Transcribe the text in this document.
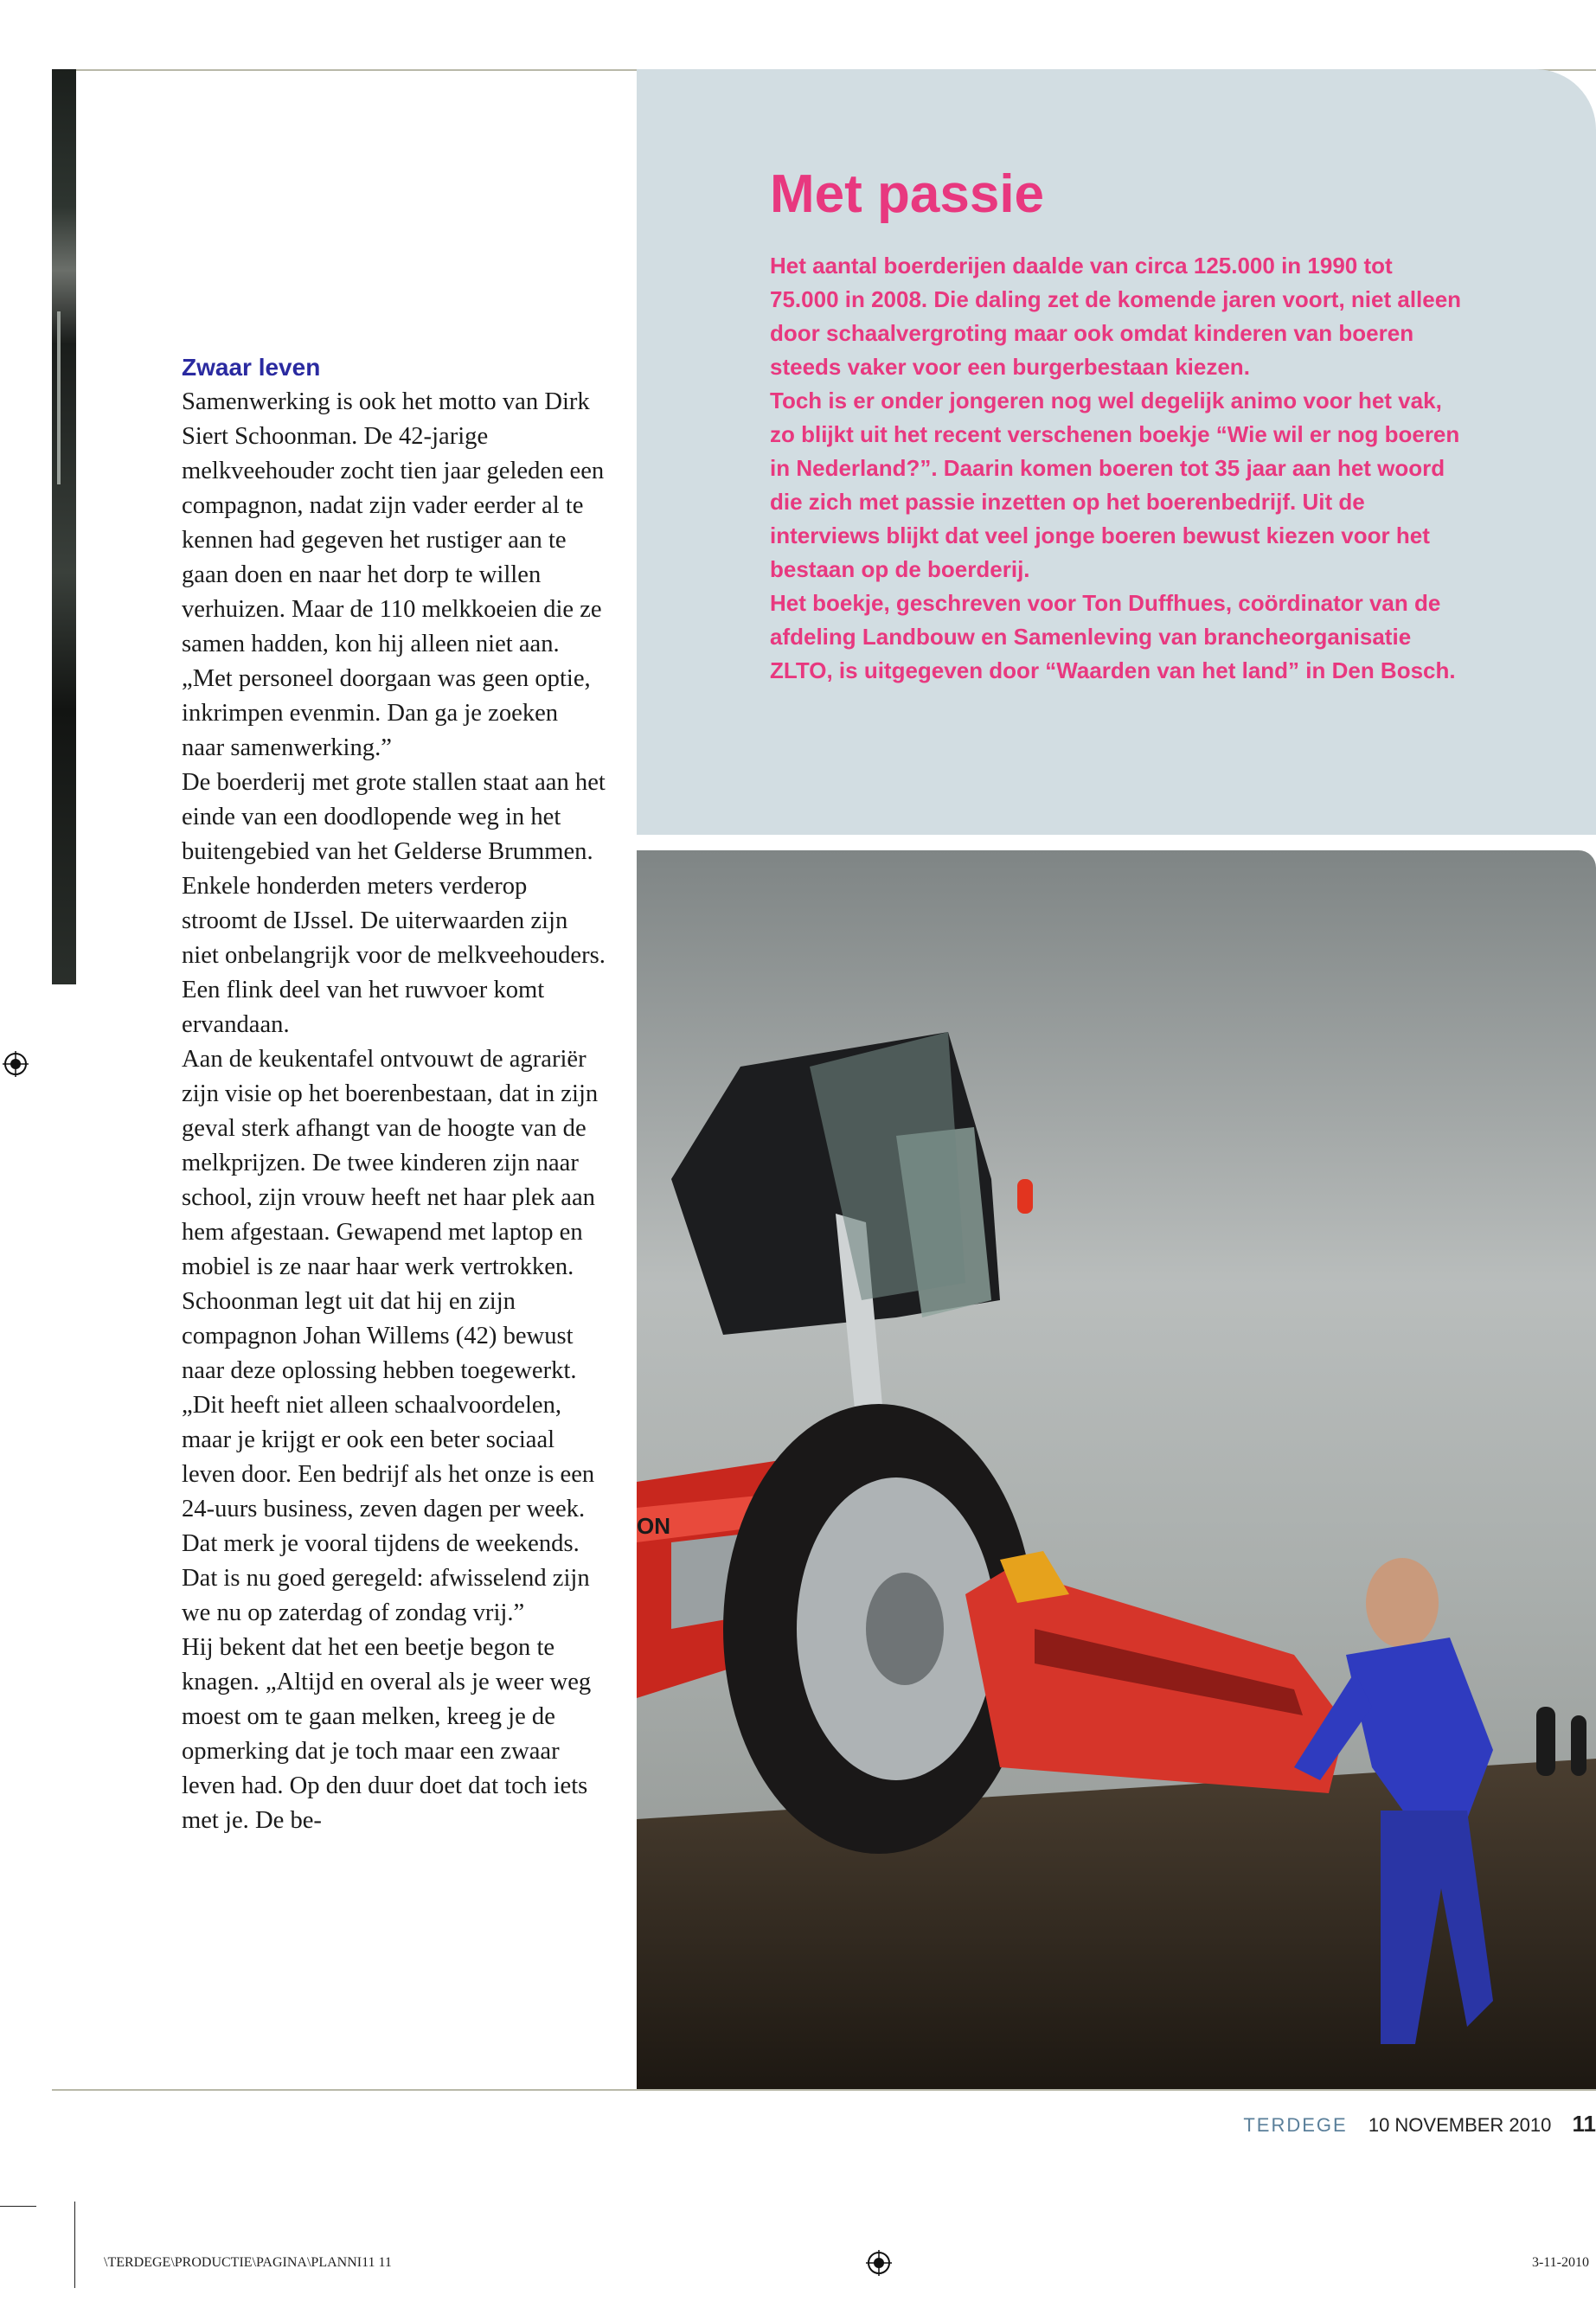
Zwaar leven

Samenwerking is ook het motto van Dirk Siert Schoonman. De 42-jarige melkveehouder zocht tien jaar geleden een compagnon, nadat zijn vader eerder al te kennen had gegeven het rustiger aan te gaan doen en naar het dorp te willen verhuizen. Maar de 110 melkkoeien die ze samen hadden, kon hij alleen niet aan. „Met personeel doorgaan was geen optie, inkrimpen evenmin. Dan ga je zoeken naar samenwerking.”

De boerderij met grote stallen staat aan het einde van een doodlopende weg in het buitengebied van het Gelderse Brummen. Enkele honderden meters verderop stroomt de IJssel. De uiterwaarden zijn niet onbelangrijk voor de melkveehouders. Een flink deel van het ruwvoer komt ervandaan.

Aan de keukentafel ontvouwt de agrariër zijn visie op het boerenbestaan, dat in zijn geval sterk afhangt van de hoogte van de melkprijzen. De twee kinderen zijn naar school, zijn vrouw heeft net haar plek aan hem afgestaan. Gewapend met laptop en mobiel is ze naar haar werk vertrokken.

Schoonman legt uit dat hij en zijn compagnon Johan Willems (42) bewust naar deze oplossing hebben toegewerkt. „Dit heeft niet alleen schaalvoordelen, maar je krijgt er ook een beter sociaal leven door. Een bedrijf als het onze is een 24-uurs business, zeven dagen per week. Dat merk je vooral tijdens de weekends. Dat is nu goed geregeld: afwisselend zijn we nu op zaterdag of zondag vrij.”

Hij bekent dat het een beetje begon te knagen. „Altijd en overal als je weer weg moest om te gaan melken, kreeg je de opmerking dat je toch maar een zwaar leven had. Op den duur doet dat toch iets met je. De be-

Met passie

Het aantal boerderijen daalde van circa 125.000 in 1990 tot 75.000 in 2008. Die daling zet de komende jaren voort, niet alleen door schaalvergroting maar ook omdat kinderen van boeren steeds vaker voor een burgerbestaan kiezen.

Toch is er onder jongeren nog wel degelijk animo voor het vak, zo blijkt uit het recent verschenen boekje “Wie wil er nog boeren in Nederland?”. Daarin komen boeren tot 35 jaar aan het woord die zich met passie inzetten op het boerenbedrijf. Uit de interviews blijkt dat veel jonge boeren bewust kiezen voor het bestaan op de boerderij.

Het boekje, geschreven voor Ton Duffhues, coördinator van de afdeling Landbouw en Samenleving van brancheorganisatie ZLTO, is uitgegeven door “Waarden van het land” in Den Bosch.

ON
TERDEGE 10 NOVEMBER 2010 11
\TERDEGE\PRODUCTIE\PAGINA\PLANNI11 11	3-11-2010
